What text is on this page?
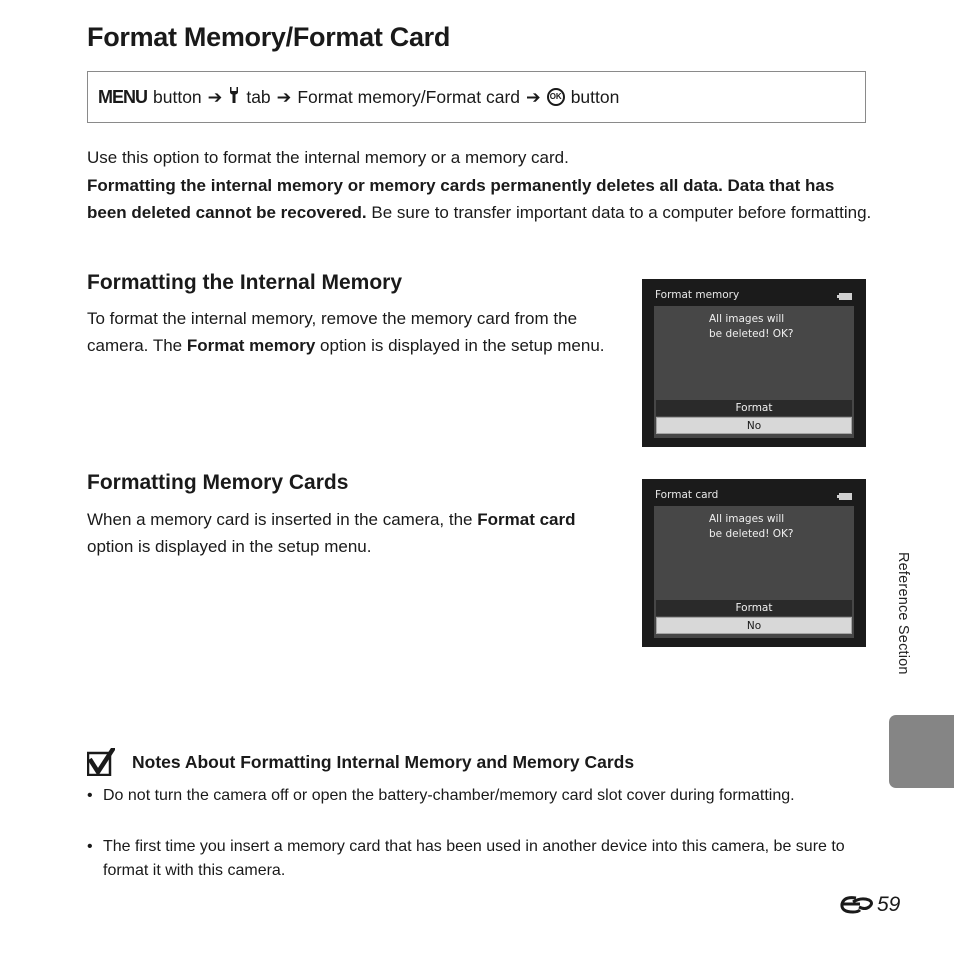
Format Memory/Format Card
MENU button ➔ tab ➔ Format memory/Format card ➔	OK button

Use this option to format the internal memory or a memory card.

Formatting the internal memory or memory cards permanently deletes all data. Data that has been deleted cannot be recovered. Be sure to transfer important data to a computer before formatting.

Formatting the Internal Memory

To format the internal memory, remove the memory card from the camera. The Format memory option is displayed in the setup menu.

Format memory
All images will
be deleted! OK?
Format
No
Formatting Memory Cards

When a memory card is inserted in the camera, the Format card option is displayed in the setup menu.

Format card
All images will
be deleted! OK?
Format
No	Reference Section
Notes About Formatting Internal Memory and Memory Cards
• Do not turn the camera off or open the battery-chamber/memory card slot cover during formatting.
• The first time you insert a memory card that has been used in another device into this camera, be sure to format it with this camera.
59
